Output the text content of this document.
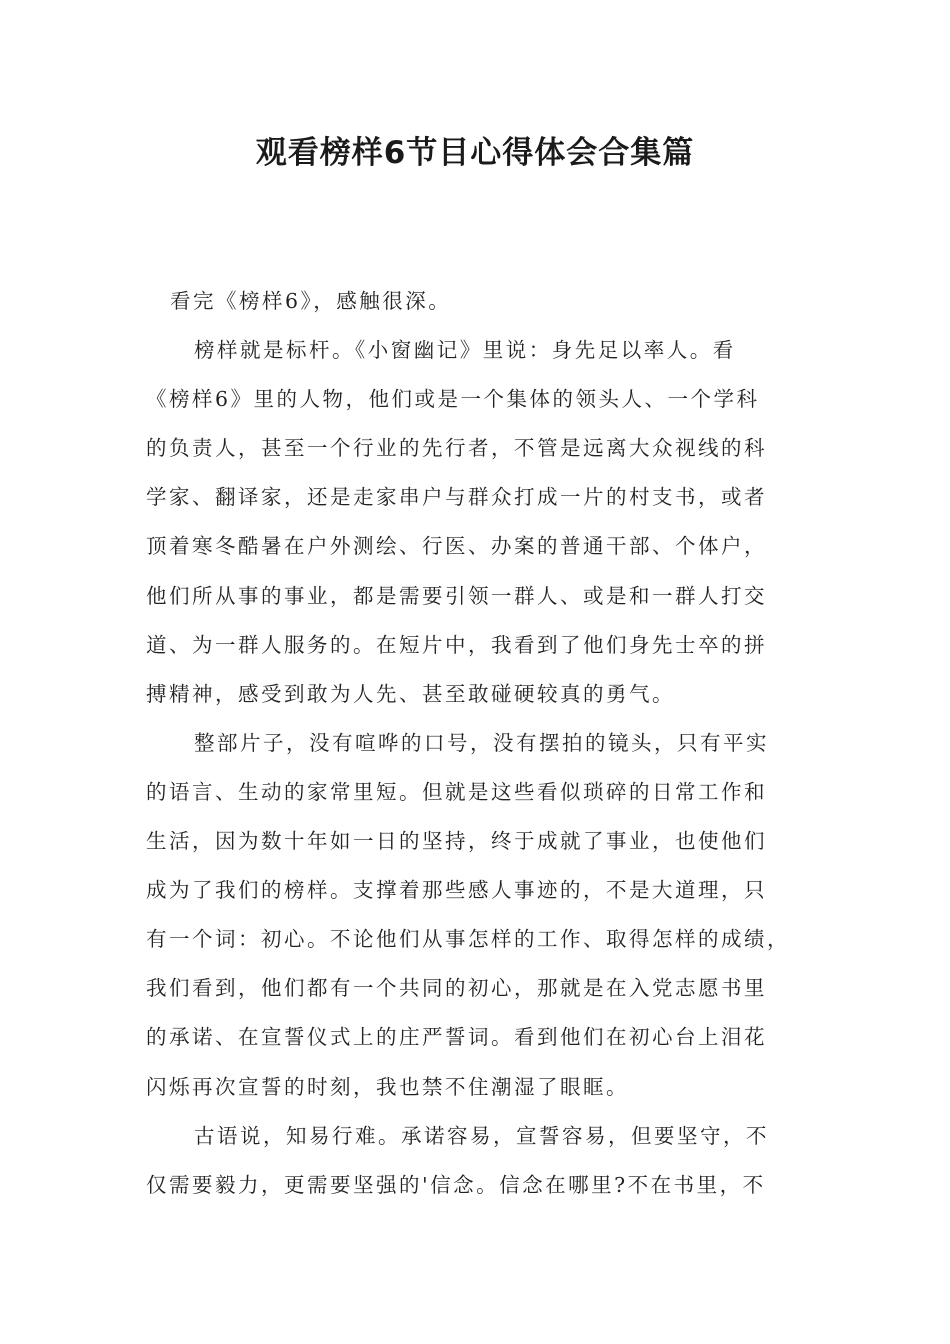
观看榜样6节目心得体会合集篇
看完《榜样6》，感触很深。
榜样就是标杆。《小窗幽记》里说：身先足以率人。看
《榜样6》里的人物，他们或是一个集体的领头人、一个学科
的负责人，甚至一个行业的先行者，不管是远离大众视线的科
学家、翻译家，还是走家串户与群众打成一片的村支书，或者
顶着寒冬酷暑在户外测绘、行医、办案的普通干部、个体户，
他们所从事的事业，都是需要引领一群人、或是和一群人打交
道、为一群人服务的。在短片中，我看到了他们身先士卒的拼
搏精神，感受到敢为人先、甚至敢碰硬较真的勇气。
整部片子，没有喧哗的口号，没有摆拍的镜头，只有平实
的语言、生动的家常里短。但就是这些看似琐碎的日常工作和
生活，因为数十年如一日的坚持，终于成就了事业，也使他们
成为了我们的榜样。支撑着那些感人事迹的，不是大道理，只
有一个词：初心。不论他们从事怎样的工作、取得怎样的成绩，
我们看到，他们都有一个共同的初心，那就是在入党志愿书里
的承诺、在宣誓仪式上的庄严誓词。看到他们在初心台上泪花
闪烁再次宣誓的时刻，我也禁不住潮湿了眼眶。
古语说，知易行难。承诺容易，宣誓容易，但要坚守，不
仅需要毅力，更需要坚强的'信念。信念在哪里?不在书里，不
